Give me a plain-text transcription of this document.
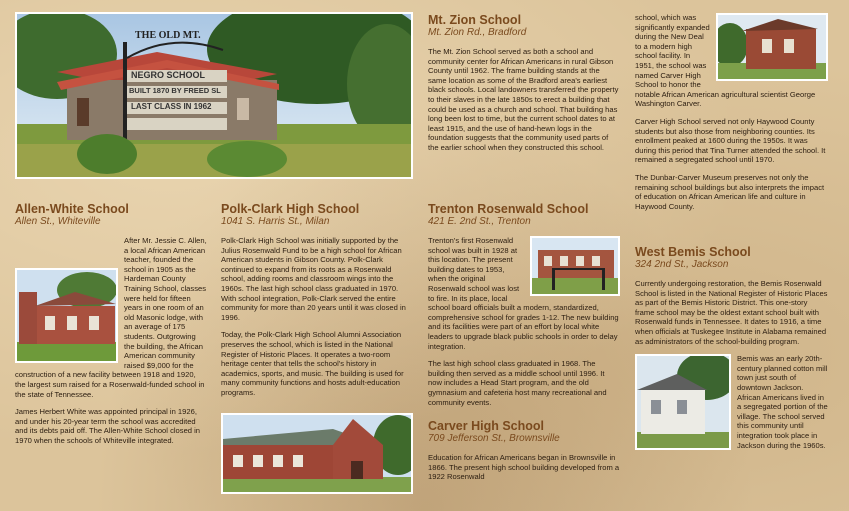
THE OLD MT.
NEGRO SCHOOL
BUILT 1870 BY FREED SL
LAST CLASS IN 1962

Mt. Zion School

Mt. Zion Rd., Bradford

The Mt. Zion School served as both a school and community center for African Americans in rural Gibson County until 1962. The frame building stands at the same location as some of the Bradford area's earliest black schools. Local landowners transferred the property to their slaves in the late 1850s to erect a building that could be used as a church and school. That building has long been lost to time, but the current school dates to at least 1915, and the use of hand-hewn logs in the foundation suggests that the community used parts of the earlier school when they constructed this school.

school, which was significantly expanded during the New Deal to a modern high school facility. In 1951, the school was named Carver High School to honor the notable African American agricultural scientist George Washington Carver.

Carver High School served not only Haywood County students but also those from neighboring counties. Its enrollment peaked at 1600 during the 1950s. It was during this period that Tina Turner attended the school. It remained a segregated school until 1970.

The Dunbar-Carver Museum preserves not only the remaining school buildings but also interprets the impact of education on African American life and culture in Haywood County.

Allen-White School

Allen St., Whiteville

After Mr. Jessie C. Allen, a local African American teacher, founded the school in 1905 as the Hardeman County Training School, classes were held for fifteen years in one room of an old Masonic lodge, with an average of 175 students. Outgrowing the building, the African American community raised $9,000 for the construction of a new facility between 1918 and 1920, the largest sum raised for a Rosenwald-funded school in the state of Tennessee.

James Herbert White was appointed principal in 1926, and under his 20-year term the school was accredited and its debts paid off. The Allen-White School closed in 1970 when the schools of Whiteville integrated.

Polk-Clark High School

1041 S. Harris St., Milan

Polk-Clark High School was initially supported by the Julius Rosenwald Fund to be a high school for African American students in Gibson County. Polk-Clark continued to expand from its roots as a Rosenwald school, adding rooms and classroom wings into the 1960s. The last high school class graduated in 1970. With school integration, Polk-Clark served the entire community for more than 20 years until it was closed in 1996.

Today, the Polk-Clark High School Alumni Association preserves the school, which is listed in the National Register of Historic Places. It operates a two-room heritage center that tells the school's history in academics, sports, and music. The building is used for many community functions and hosts adult-education programs.

Trenton Rosenwald School

421 E. 2nd St., Trenton

Trenton's first Rosenwald school was built in 1928 at this location. The present building dates to 1953, when the original Rosenwald school was lost to fire. In its place, local school board officials built a modern, standardized, comprehensive school for grades 1-12. The new building and its facilities were part of an effort by local white leaders to upgrade black public schools in order to delay integration.

The last high school class graduated in 1968. The building then served as a middle school until 1996. It now includes a Head Start program, and the old gymnasium and cafeteria host many recreational and community events.

Carver High School

709 Jefferson St., Brownsville

Education for African Americans began in Brownsville in 1866. The present high school building developed from a 1922 Rosenwald

West Bemis School

324 2nd St., Jackson

Currently undergoing restoration, the Bemis Rosenwald School is listed in the National Register of Historic Places as part of the Bemis Historic District. This one-story frame school may be the oldest extant school built with Rosenwald funds in Tennessee. It dates to 1916, a time when officials at Tuskegee Institute in Alabama remained as administrators of the school-building program.

Bemis was an early 20th-century planned cotton mill town just south of downtown Jackson. African Americans lived in a segregated portion of the village. The school served this community until integration took place in Jackson during the 1960s.
